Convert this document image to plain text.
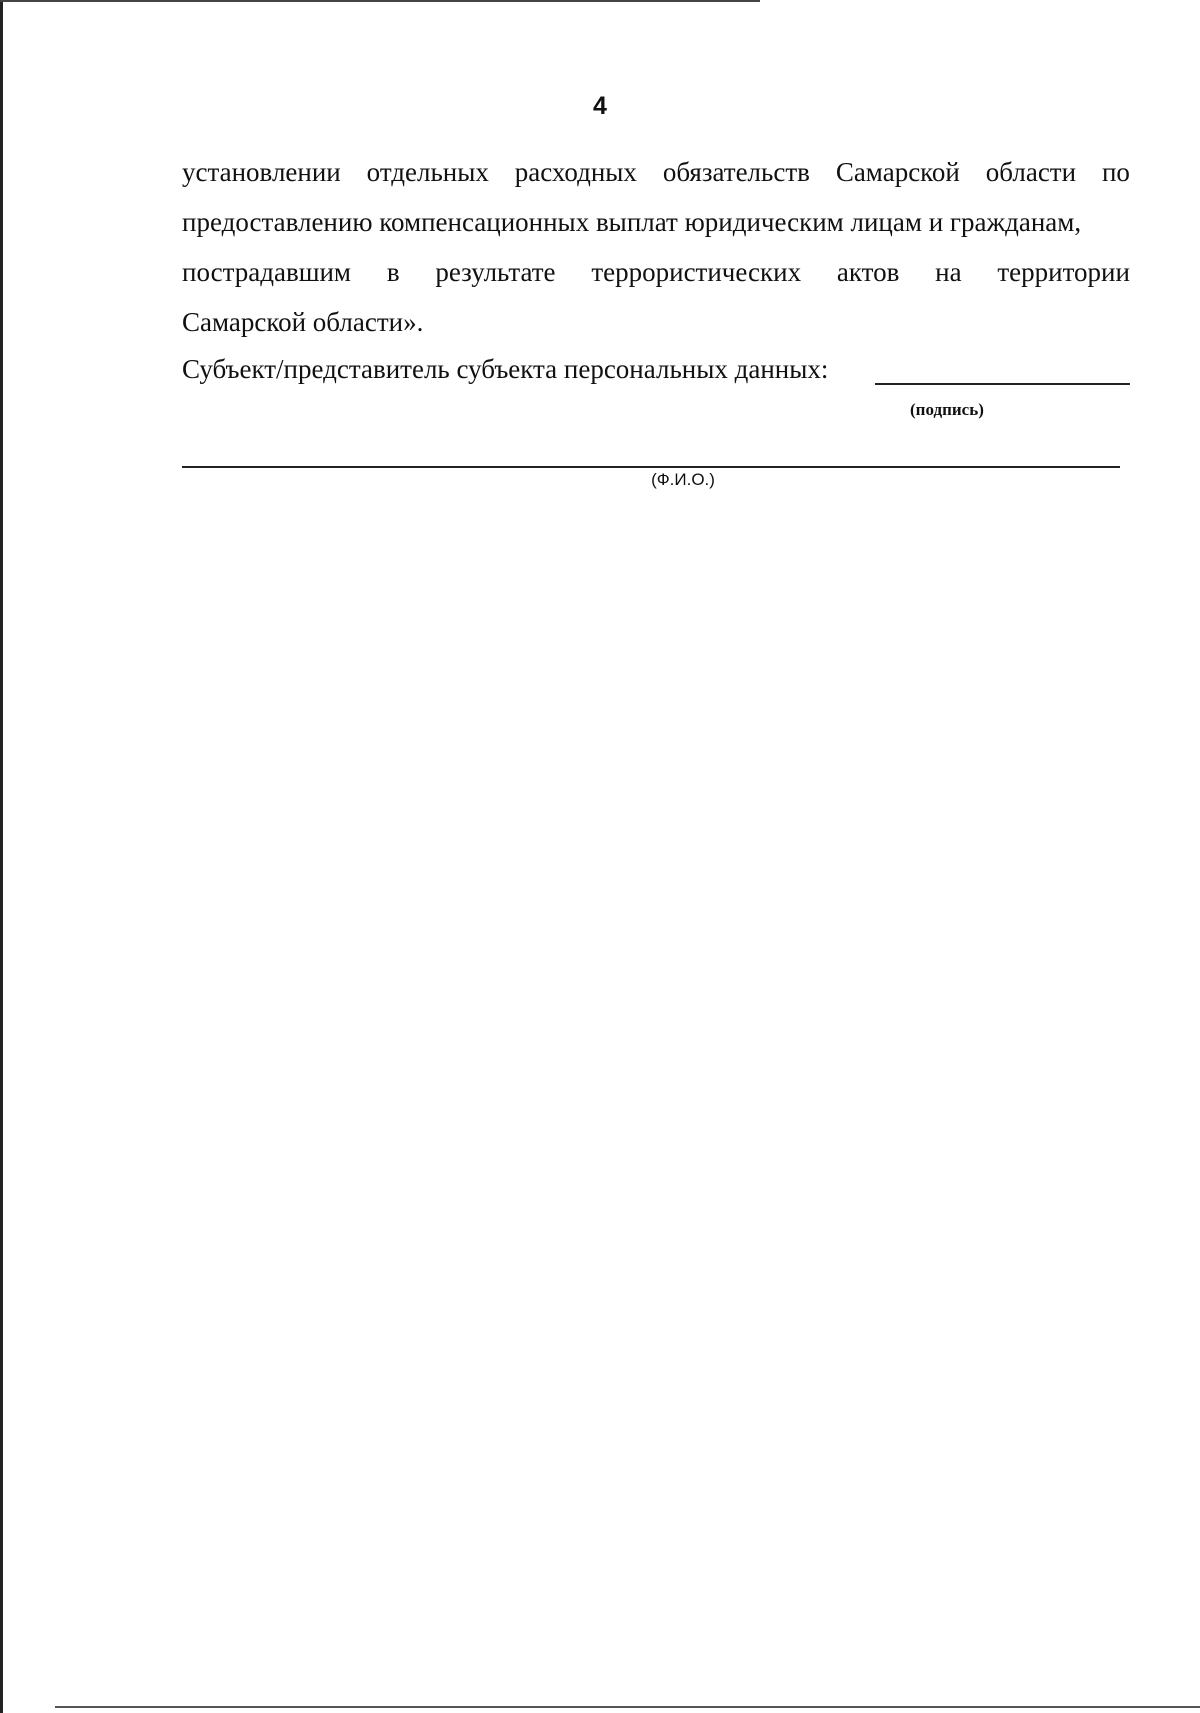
4
установлении отдельных расходных обязательств Самарской области по
предоставлению компенсационных выплат юридическим лицам и гражданам,
пострадавшим в результате террористических актов на территории
Самарской области».
Субъект/представитель субъекта персональных данных:
(подпись)
(Ф.И.О.)
